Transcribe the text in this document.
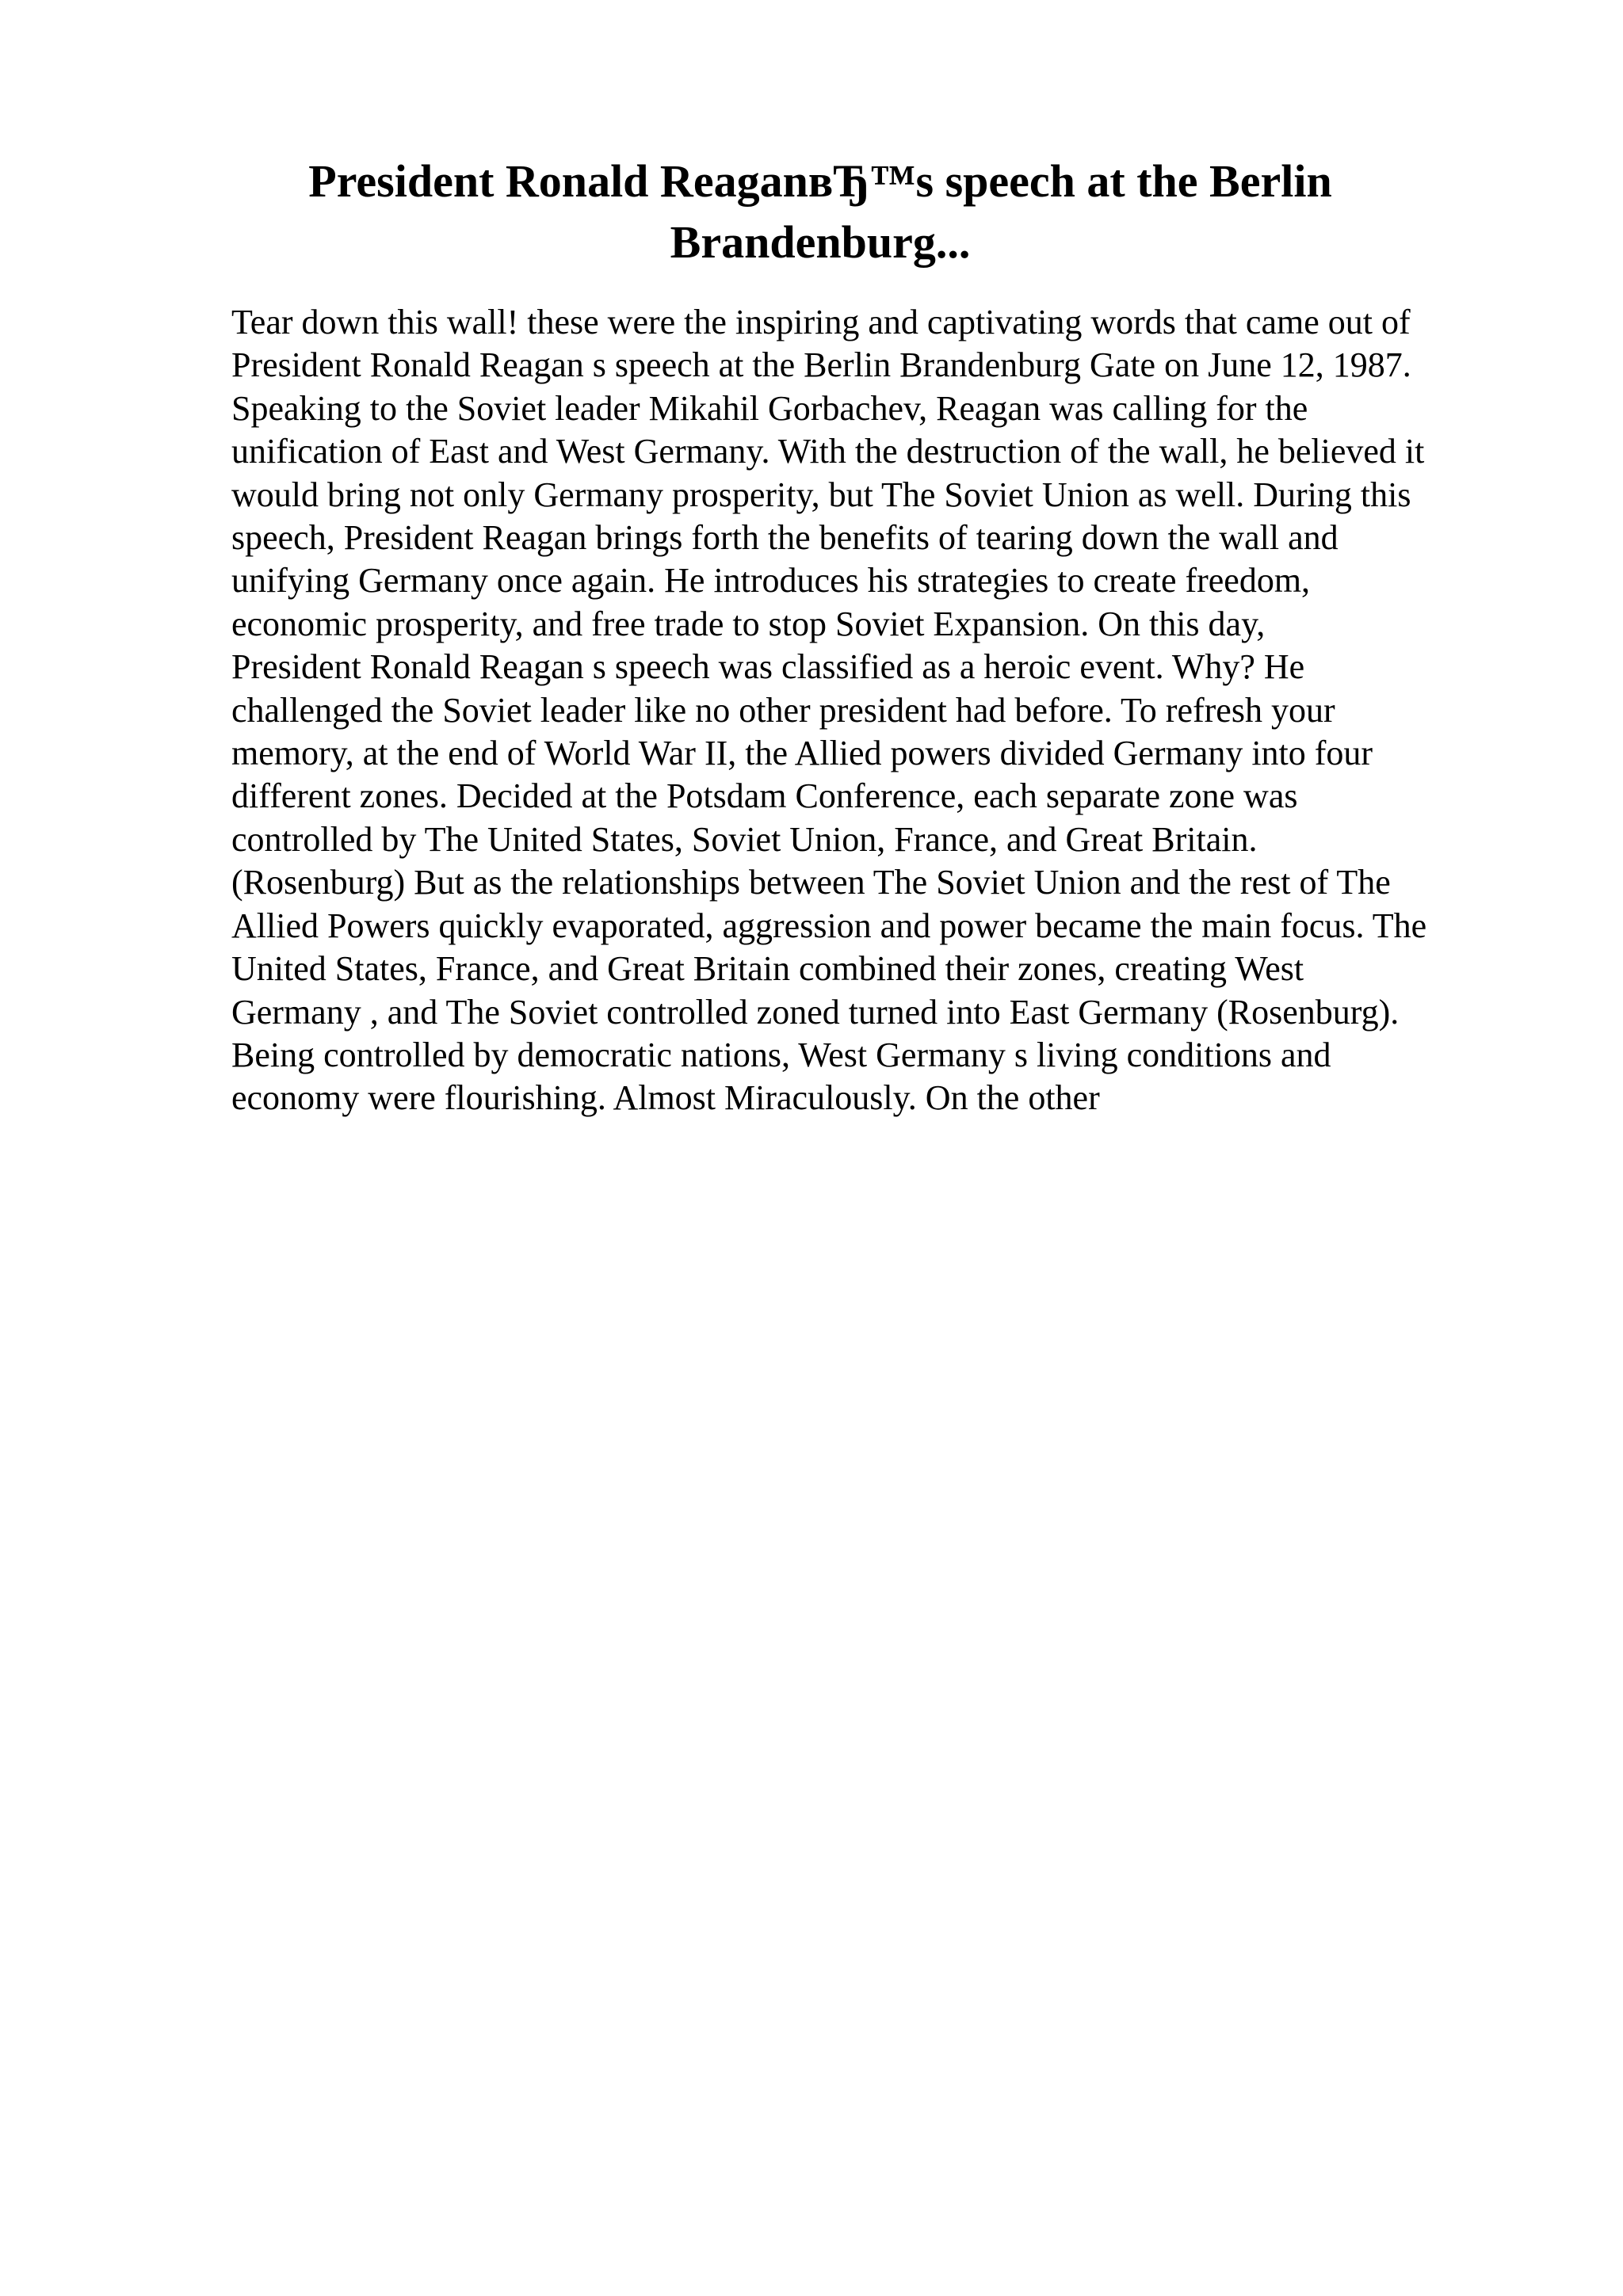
President Ronald ReaganвЂ™s speech at the Berlin
Brandenburg...
Tear down this wall! these were the inspiring and captivating words that came out of
President Ronald Reagan s speech at the Berlin Brandenburg Gate on June 12, 1987.
Speaking to the Soviet leader Mikahil Gorbachev, Reagan was calling for the
unification of East and West Germany. With the destruction of the wall, he believed it
would bring not only Germany prosperity, but The Soviet Union as well. During this
speech, President Reagan brings forth the benefits of tearing down the wall and
unifying Germany once again. He introduces his strategies to create freedom,
economic prosperity, and free trade to stop Soviet Expansion. On this day,
President Ronald Reagan s speech was classified as a heroic event. Why? He
challenged the Soviet leader like no other president had before. To refresh your
memory, at the end of World War II, the Allied powers divided Germany into four
different zones. Decided at the Potsdam Conference, each separate zone was
controlled by The United States, Soviet Union, France, and Great Britain.
(Rosenburg) But as the relationships between The Soviet Union and the rest of The
Allied Powers quickly evaporated, aggression and power became the main focus. The
United States, France, and Great Britain combined their zones, creating West
Germany , and The Soviet controlled zoned turned into East Germany (Rosenburg).
Being controlled by democratic nations, West Germany s living conditions and
economy were flourishing. Almost Miraculously. On the other
